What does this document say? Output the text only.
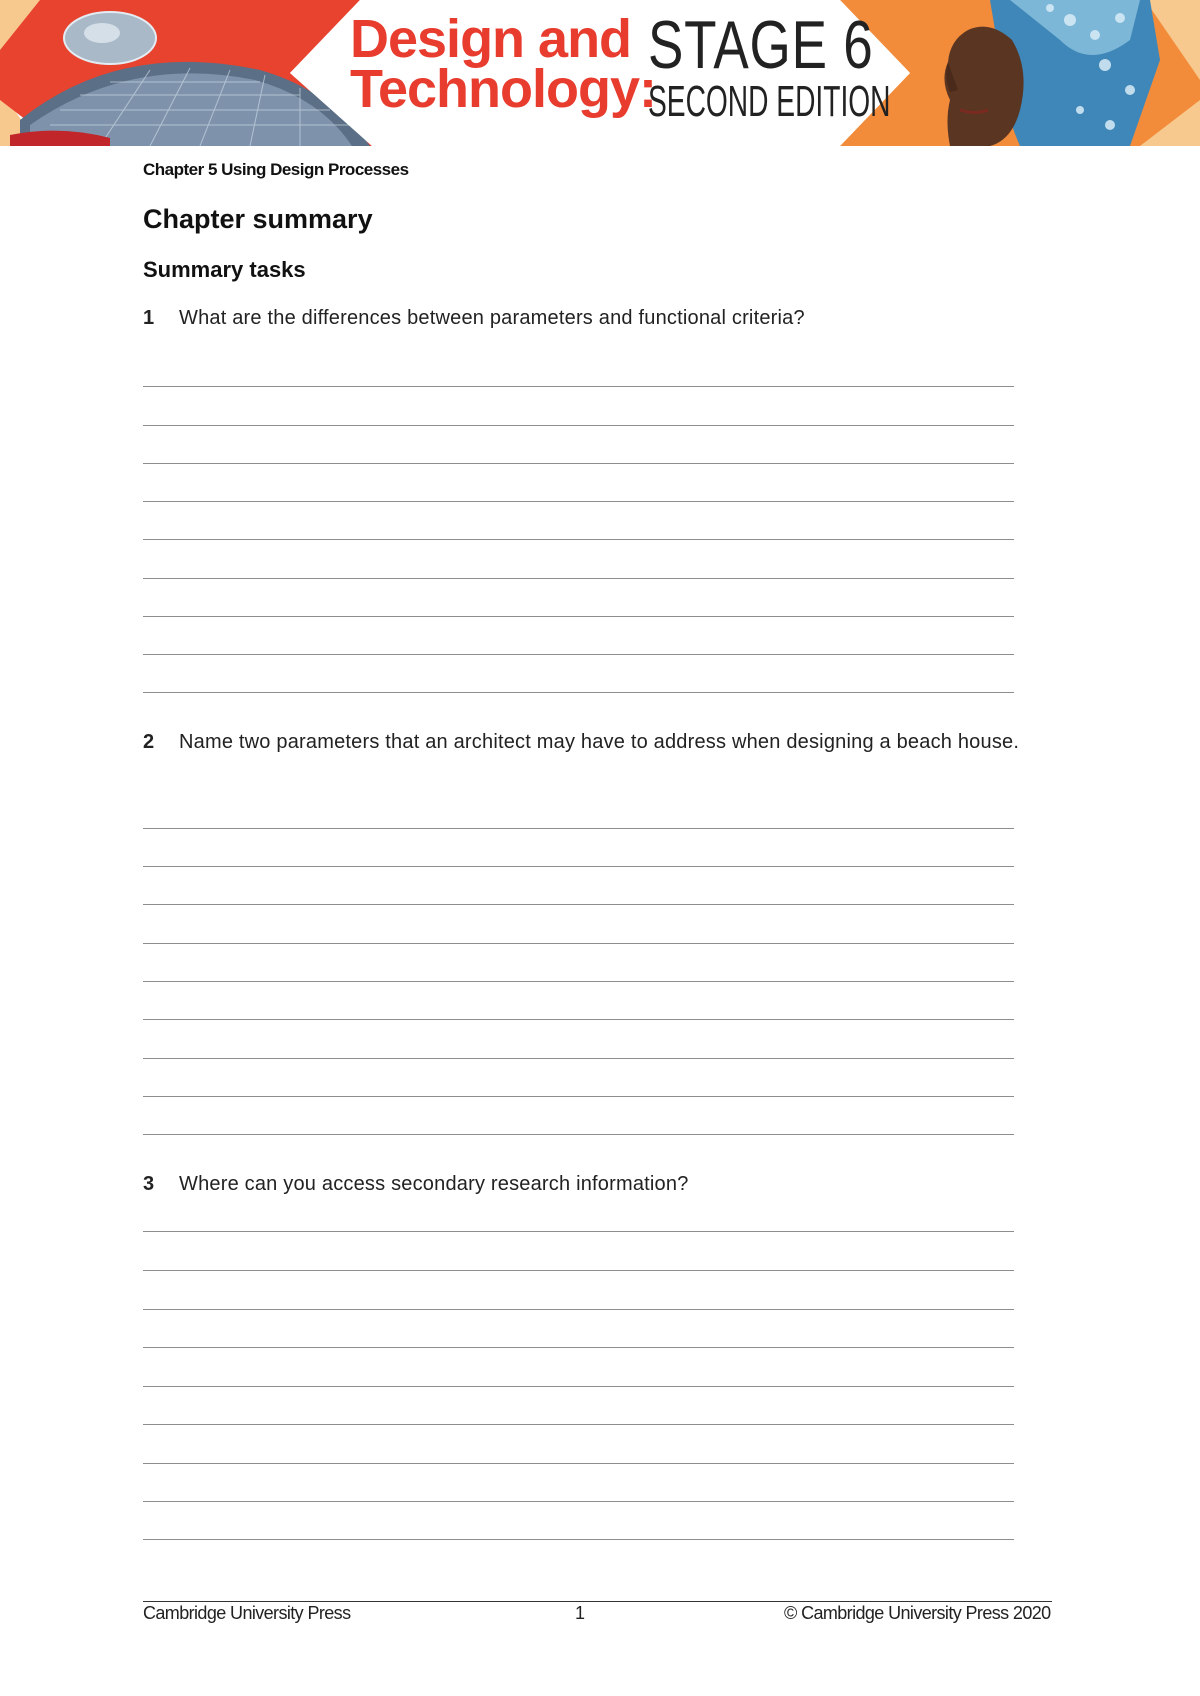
Design and
Technology:
STAGE 6
SECOND EDITION
Chapter 5 Using Design Processes
Chapter summary
Summary tasks
1 What are the differences between parameters and functional criteria?
2 Name two parameters that an architect may have to address when designing a beach house.
3 Where can you access secondary research information?
Cambridge University Press	1	© Cambridge University Press 2020
